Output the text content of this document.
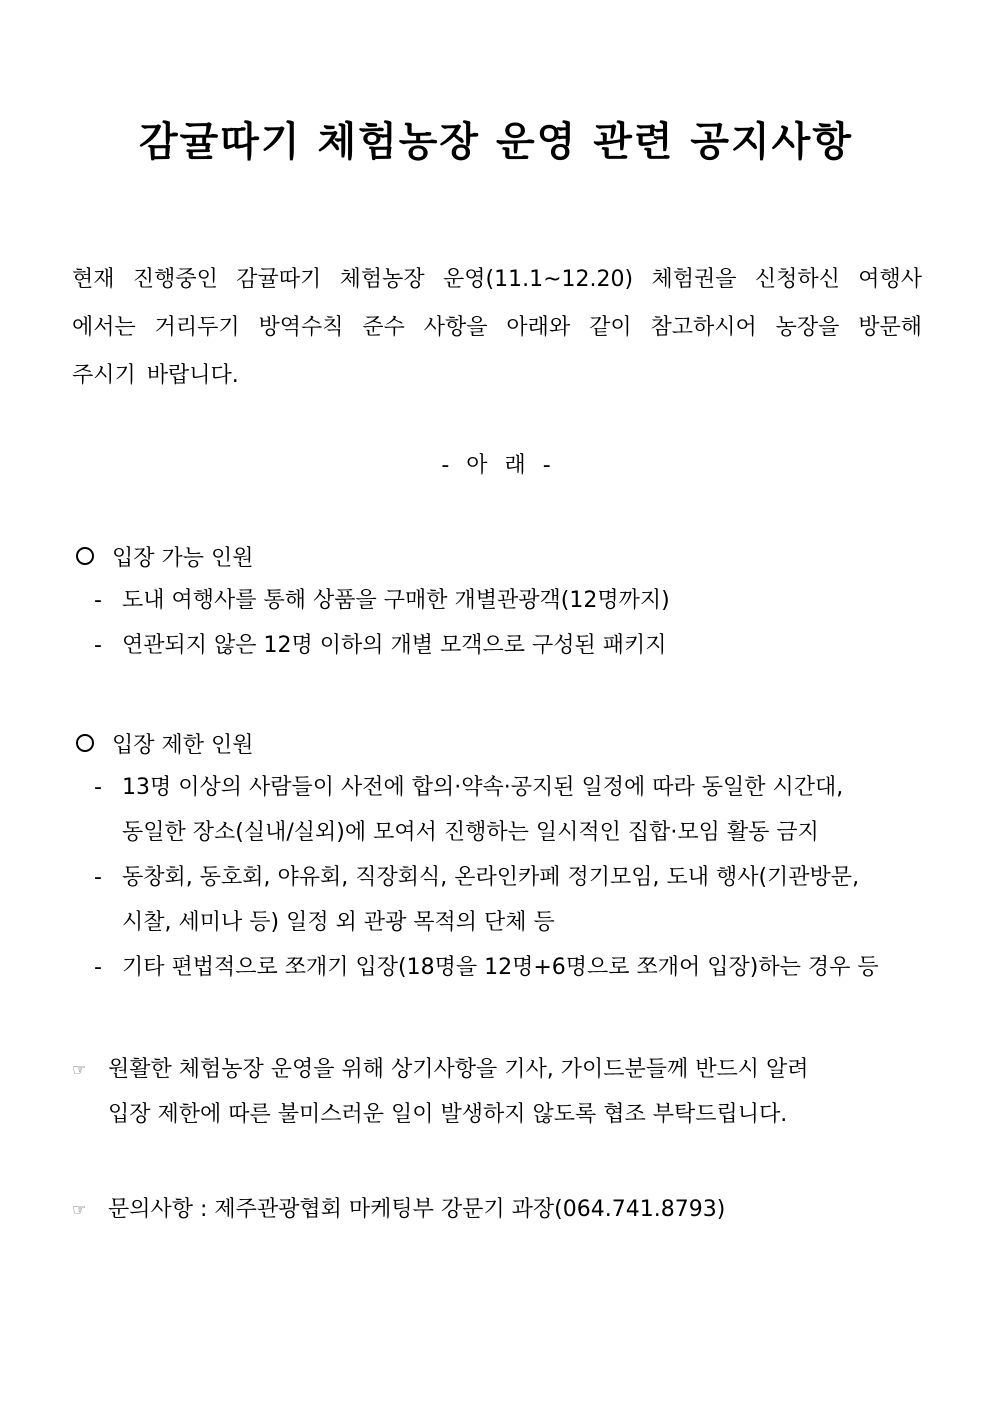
감귤따기 체험농장 운영 관련 공지사항
현재 진행중인 감귤따기 체험농장 운영(11.1~12.20) 체험권을 신청하신 여행사
에서는 거리두기 방역수칙 준수 사항을 아래와 같이 참고하시어 농장을 방문해
주시기 바랍니다.
- 아 래 -
입장 가능 인원
- 도내 여행사를 통해 상품을 구매한 개별관광객(12명까지)
- 연관되지 않은 12명 이하의 개별 모객으로 구성된 패키지
입장 제한 인원
- 13명 이상의 사람들이 사전에 합의·약속·공지된 일정에 따라 동일한 시간대,
동일한 장소(실내/실외)에 모여서 진행하는 일시적인 집합·모임 활동 금지
- 동창회, 동호회, 야유회, 직장회식, 온라인카페 정기모임, 도내 행사(기관방문,
시찰, 세미나 등) 일정 외 관광 목적의 단체 등
- 기타 편법적으로 쪼개기 입장(18명을 12명+6명으로 쪼개어 입장)하는 경우 등
☞ 원활한 체험농장 운영을 위해 상기사항을 기사, 가이드분들께 반드시 알려
입장 제한에 따른 불미스러운 일이 발생하지 않도록 협조 부탁드립니다.
☞ 문의사항 : 제주관광협회 마케팅부 강문기 과장(064.741.8793)
